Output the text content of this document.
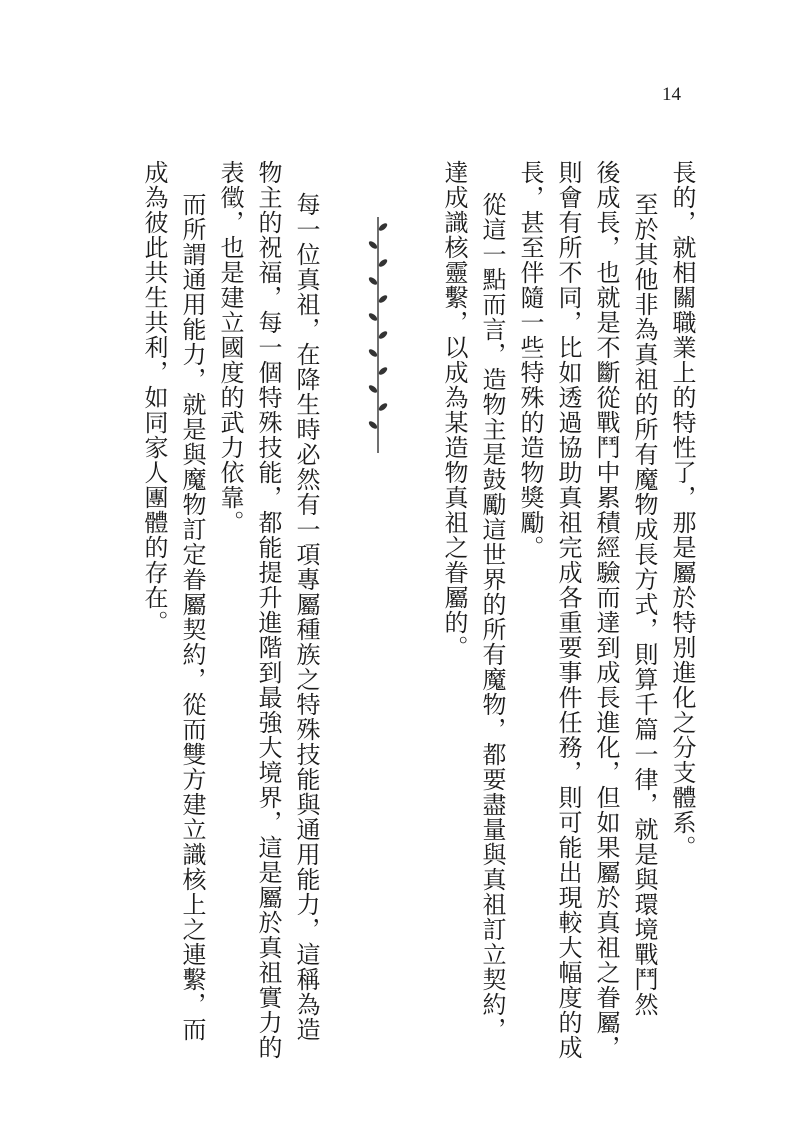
14
長的，就相關職業上的特性了，那是屬於特別進化之分支體系。
至於其他非為真祖的所有魔物成長方式，則算千篇一律，就是與環境戰鬥然
後成長，也就是不斷從戰鬥中累積經驗而達到成長進化，但如果屬於真祖之眷屬，
則會有所不同，比如透過協助真祖完成各重要事件任務，則可能出現較大幅度的成
長，甚至伴隨一些特殊的造物獎勵。
從這一點而言，造物主是鼓勵這世界的所有魔物，都要盡量與真祖訂立契約，
達成識核靈繫，以成為某造物真祖之眷屬的。
每一位真祖，在降生時必然有一項專屬種族之特殊技能與通用能力，這稱為造
物主的祝福，每一個特殊技能，都能提升進階到最強大境界，這是屬於真祖實力的
表徵，也是建立國度的武力依靠。
而所謂通用能力，就是與魔物訂定眷屬契約，從而雙方建立識核上之連繫，而
成為彼此共生共利，如同家人團體的存在。
